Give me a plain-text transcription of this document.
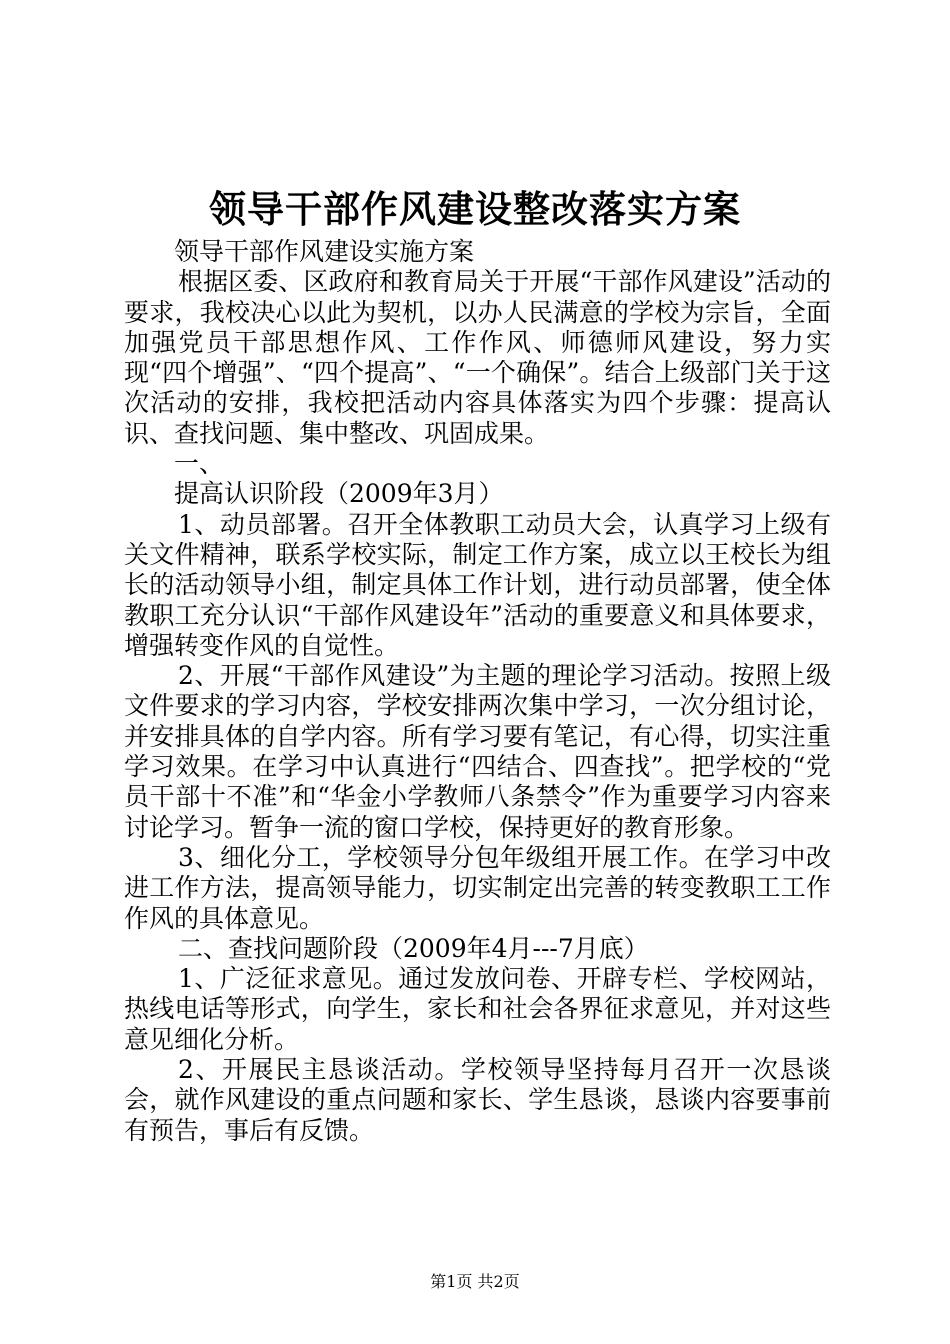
领导干部作风建设整改落实方案

领导干部作风建设实施方案

根据区委、区政府和教育局关于开展“干部作风建设”活动的要求，我校决心以此为契机，以办人民满意的学校为宗旨，全面加强党员干部思想作风、工作作风、师德师风建设，努力实现“四个增强”、“四个提高”、“一个确保”。结合上级部门关于这次活动的安排，我校把活动内容具体落实为四个步骤：提高认识、查找问题、集中整改、巩固成果。

一、

提高认识阶段（2009年3月）

1、动员部署。召开全体教职工动员大会，认真学习上级有关文件精神，联系学校实际，制定工作方案，成立以王校长为组长的活动领导小组，制定具体工作计划，进行动员部署，使全体教职工充分认识“干部作风建设年”活动的重要意义和具体要求，增强转变作风的自觉性。

2、开展“干部作风建设”为主题的理论学习活动。按照上级文件要求的学习内容，学校安排两次集中学习，一次分组讨论，并安排具体的自学内容。所有学习要有笔记，有心得，切实注重学习效果。在学习中认真进行“四结合、四查找”。把学校的“党员干部十不准”和“华金小学教师八条禁令”作为重要学习内容来讨论学习。暂争一流的窗口学校，保持更好的教育形象。

3、细化分工，学校领导分包年级组开展工作。在学习中改进工作方法，提高领导能力，切实制定出完善的转变教职工工作作风的具体意见。

二、查找问题阶段（2009年4月---7月底）

1、广泛征求意见。通过发放问卷、开辟专栏、学校网站，热线电话等形式，向学生，家长和社会各界征求意见，并对这些意见细化分析。

2、开展民主恳谈活动。学校领导坚持每月召开一次恳谈会，就作风建设的重点问题和家长、学生恳谈，恳谈内容要事前有预告，事后有反馈。

第1页 共2页
